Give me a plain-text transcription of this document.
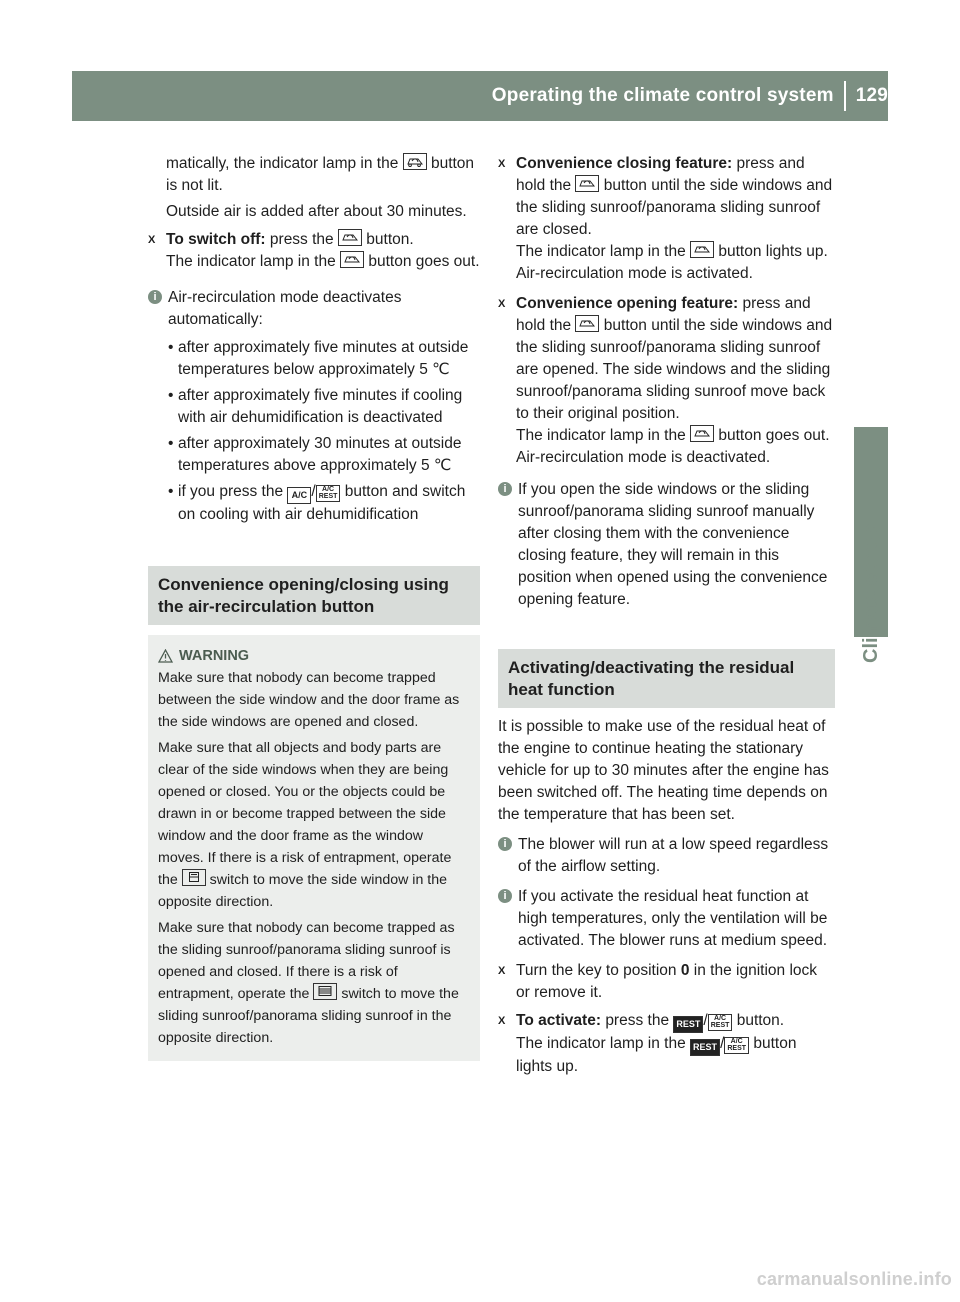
Operating the climate control system 129
Climate control

matically, the indicator lamp in the button is not lit.

Outside air is added after about 30 minutes.

X To switch off: press the button.
The indicator lamp in the button goes out.
i Air-recirculation mode deactivates automatically:
• after approximately five minutes at outside temperatures below approximately 5 ℃
• after approximately five minutes if cooling with air dehumidification is deactivated
• after approximately 30 minutes at outside temperatures above approximately 5 ℃
• if you press the A/C / A/C
REST button and switch on cooling with air dehumidification
Convenience opening/closing using the air-recirculation button
WARNING

Make sure that nobody can become trapped between the side window and the door frame as the side windows are opened and closed.

Make sure that all objects and body parts are clear of the side windows when they are being opened or closed. You or the objects could be drawn in or become trapped between the side window and the door frame as the window moves. If there is a risk of entrapment, operate the switch to move the side window in the opposite direction.

Make sure that nobody can become trapped as the sliding sunroof/panorama sliding sunroof is opened and closed. If there is a risk of entrapment, operate the switch to move the sliding sunroof/panorama sliding sunroof in the opposite direction.

X Convenience closing feature: press and hold the button until the side windows and the sliding sunroof/panorama sliding sunroof are closed.
The indicator lamp in the button lights up. Air-recirculation mode is activated.
X Convenience opening feature: press and hold the button until the side windows and the sliding sunroof/panorama sliding sunroof are opened. The side windows and the sliding sunroof/panorama sliding sunroof move back to their original position.
The indicator lamp in the button goes out. Air-recirculation mode is deactivated.
i If you open the side windows or the sliding sunroof/panorama sliding sunroof manually after closing them with the convenience closing feature, they will remain in this position when opened using the convenience opening feature.
Activating/deactivating the residual heat function

It is possible to make use of the residual heat of the engine to continue heating the stationary vehicle for up to 30 minutes after the engine has been switched off. The heating time depends on the temperature that has been set.

i The blower will run at a low speed regardless of the airflow setting.
i If you activate the residual heat function at high temperatures, only the ventilation will be activated. The blower runs at medium speed.
X Turn the key to position 0 in the ignition lock or remove it.
X To activate: press the REST / A/C
REST button.
The indicator lamp in the REST / A/C
REST button lights up.
carmanualsonline.info
